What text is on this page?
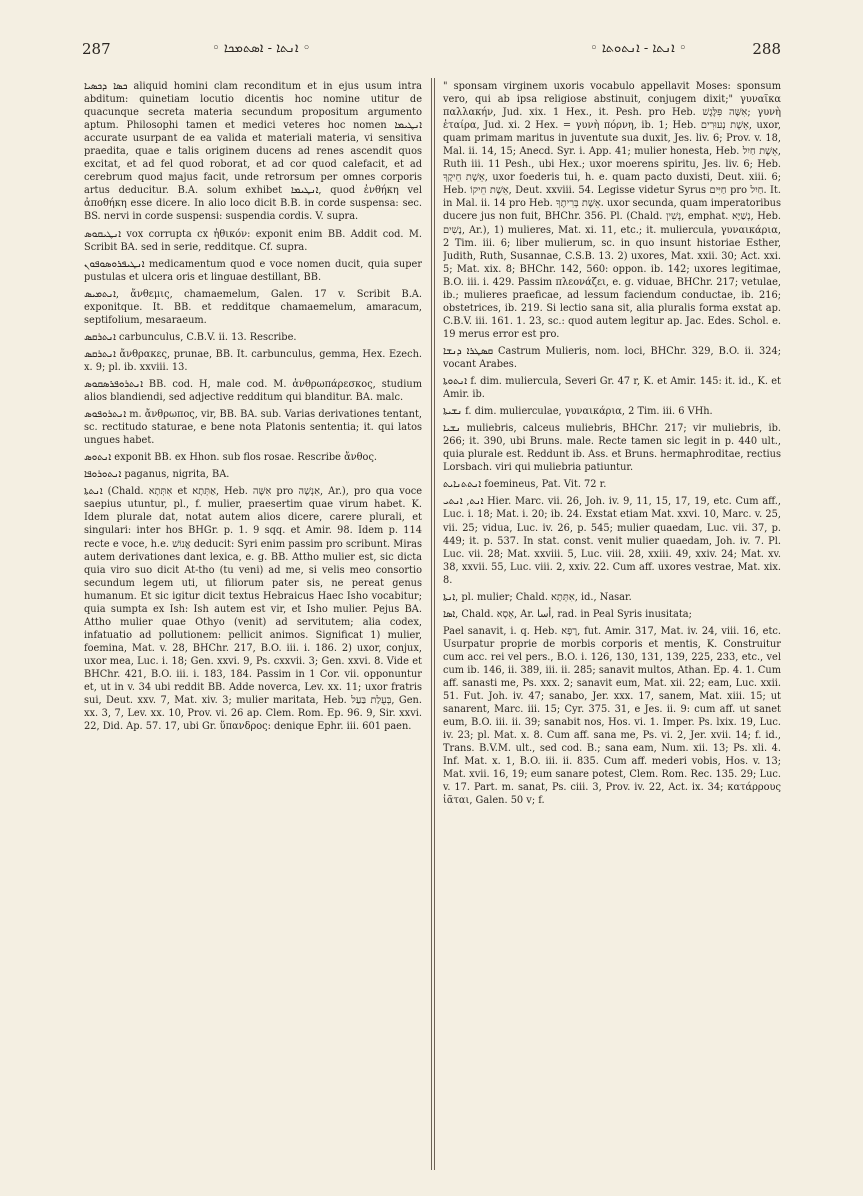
287	◦ ܐܢܬܐ - ܐܣܬܡܟܐ ◦	◦ ܐܢܬܐ - ܐܢܬܘܬܐ ◦	288

ܟܣܐ ܕܟܣܝܐ aliquid homini clam reconditum et in ejus usum intra abditum: quinetiam locutio dicentis hoc nomine utitur de quacunque secreta materia secundum propositum argumento aptum. Philosophi tamen et medici veteres hoc nomen ܐܢܛܝܡܐ accurate usurpant de ea valida et materiali materia, vi sensitiva praedita, quae e talis originem ducens ad renes ascendit quos excitat, et ad fel quod roborat, et ad cor quod calefacit, et ad cerebrum quod majus facit, unde retrorsum per omnes corporis artus deducitur. B.A. solum exhibet ܐܢܛܝܡܐ, quod ἐνθήκη vel ἀποθήκη esse dicere. In alio loco dicit B.B. in corde suspensa: sec. BS. nervi in corde suspensi: suspendia cordis. V. supra.

ܐܢܛܝܩܘܣ vox corrupta cx ἠθικόν: exponit enim BB. Addit cod. M. Scribit BA. sed in serie, redditque. Cf. supra.

ܐܢܛܝܦܪܘܣܘܦܘܢ medicamentum quod e voce nomen ducit, quia super pustulas et ulcera oris et linguae destillant, BB.

ܐܢܬܡܝܣ, ἄνθεμις, chamaemelum, Galen. 17 v. Scribit B.A. exponitque. It. BB. et redditque chamaemelum, amaracum, septifolium, mesaraeum.

ܐܢܬܪܩܣ carbunculus, C.B.V. ii. 13. Rescribe.

ܐܢܬܪܩܣ ἄνθρακες, prunae, BB. It. carbunculus, gemma, Hex. Ezech. x. 9; pl. ib. xxviii. 13.

ܐܢܬܪܘܦܪܣܩܘܣ BB. cod. H, male cod. M. ἀνθρωπάρεσκος, studium alios blandiendi, sed adjective redditum qui blanditur. BA. malc.

ܐܢܬܪܘܦܘܣ m. ἄνθρωπος, vir, BB. BA. sub. Varias derivationes tentant, sc. rectitudo staturae, e bene nota Platonis sententia; it. qui latos ungues habet.

ܐܢܬܘܣ exponit BB. ex Hhon. sub flos rosae. Rescribe ἄνθος.

ܐܢܬܘܪܘܦܐ paganus, nigrita, BA.

ܐܢܬܬܐ (Chald. אִתְּתָא et אַתְּתָא, Heb. אִשָּׁה pro אִנְשָׁה, Ar.), pro qua voce saepius utuntur, pl., f. mulier, praesertim quae virum habet. K. Idem plurale dat, notat autem alios dicere, carere plurali, et singulari: inter hos BHGr. p. 1. 9 sqq. et Amir. 98. Idem p. 114 recte e voce, h.e. אֱנוֹשׁ deducit: Syri enim passim pro scribunt. Miras autem derivationes dant lexica, e. g. BB. Attho mulier est, sic dicta quia viro suo dicit At-tho (tu veni) ad me, si velis meo consortio secundum legem uti, ut filiorum pater sis, ne pereat genus humanum. Et sic igitur dicit textus Hebraicus Haec Isho vocabitur; quia sumpta ex Ish: Ish autem est vir, et Isho mulier. Pejus BA. Attho mulier quae Othyo (venit) ad servitutem; alia codex, infatuatio ad pollutionem: pellicit animos. Significat 1) mulier, foemina, Mat. v. 28, BHChr. 217, B.O. iii. i. 186. 2) uxor, conjux, uxor mea, Luc. i. 18; Gen. xxvi. 9, Ps. cxxvii. 3; Gen. xxvi. 8. Vide et BHChr. 421, B.O. iii. i. 183, 184. Passim in 1 Cor. vii. opponuntur et, ut in v. 34 ubi reddit BB. Adde noverca, Lev. xx. 11; uxor fratris sui, Deut. xxv. 7, Mat. xiv. 3; mulier maritata, Heb. בְּעֻלַת בַּעַל, Gen. xx. 3, 7, Lev. xx. 10, Prov. vi. 26 ap. Clem. Rom. Ep. 96. 9, Sir. xxvi. 22, Did. Ap. 57. 17, ubi Gr. ὕπανδρος: denique Ephr. iii. 601 paen.

" sponsam virginem uxoris vocabulo appellavit Moses: sponsum vero, qui ab ipsa religiose abstinuit, conjugem dixit;" γυναῖκα παλλακήν, Jud. xix. 1 Hex., it. Pesh. pro Heb. אִשָּׁה פִּלֶּגֶשׁ; γυνὴ ἑταίρα, Jud. xi. 2 Hex. = γυνὴ πόρνη, ib. 1; Heb. אֵשֶׁת נְעוּרִים, uxor, quam primam maritus in juventute sua duxit, Jes. liv. 6; Prov. v. 18, Mal. ii. 14, 15; Anecd. Syr. i. App. 41; mulier honesta, Heb. אֵשֶׁת חַיִל, Ruth iii. 11 Pesh., ubi Hex.; uxor moerens spiritu, Jes. liv. 6; Heb. אֵשֶׁת חֵיקֶךָ, uxor foederis tui, h. e. quam pacto duxisti, Deut. xiii. 6; Heb. אֵשֶׁת חֵיקוֹ, Deut. xxviii. 54. Legisse videtur Syrus חַיִּים pro חַיִל. It. in Mal. ii. 14 pro Heb. אֵשֶׁת בְּרִיתֶךָ. uxor secunda, quam imperatoribus ducere jus non fuit, BHChr. 356. Pl. (Chald. נְשִׁין, emphat. נְשַׁיָּא, Heb. נָשִׁים, Ar.), 1) mulieres, Mat. xi. 11, etc.; it. muliercula, γυναικάρια, 2 Tim. iii. 6; liber mulierum, sc. in quo insunt historiae Esther, Judith, Ruth, Susannae, C.S.B. 13. 2) uxores, Mat. xxii. 30; Act. xxi. 5; Mat. xix. 8; BHChr. 142, 560: oppon. ib. 142; uxores legitimae, B.O. iii. i. 429. Passim πλεονάζει, e. g. viduae, BHChr. 217; vetulae, ib.; mulieres praeficae, ad lessum faciendum conductae, ib. 216; obstetrices, ib. 219. Si lectio sana sit, alia pluralis forma exstat ap. C.B.V. iii. 161. 1. 23, sc.: quod autem legitur ap. Jac. Edes. Schol. e. 19 merus error est pro.

ܩܣܛܪܐ ܕܢܫܐ Castrum Mulieris, nom. loci, BHChr. 329, B.O. ii. 324; vocant Arabes.

ܐܢܬܘܬܐ f. dim. muliercula, Severi Gr. 47 r, K. et Amir. 145: it. id., K. et Amir. ib.

ܢܫܝܬܐ f. dim. mulierculae, γυναικάρια, 2 Tim. iii. 6 VHh.

ܢܫܝܐ muliebris, calceus muliebris, BHChr. 217; vir muliebris, ib. 266; it. 390, ubi Bruns. male. Recte tamen sic legit in p. 440 ult., quia plurale est. Reddunt ib. Ass. et Bruns. hermaphroditae, rectius Lorsbach. viri qui muliebria patiuntur.

ܐܢܬܬܢܐܝܬ foemineus, Pat. Vit. 72 r.

ܐܢܬ, ܐܢܬܝ Hier. Marc. vii. 26, Joh. iv. 9, 11, 15, 17, 19, etc. Cum aff., Luc. i. 18; Mat. i. 20; ib. 24. Exstat etiam Mat. xxvi. 10, Marc. v. 25, vii. 25; vidua, Luc. iv. 26, p. 545; mulier quaedam, Luc. vii. 37, p. 449; it. p. 537. In stat. const. venit mulier quaedam, Joh. iv. 7. Pl. Luc. vii. 28; Mat. xxviii. 5, Luc. viii. 28, xxiii. 49, xxiv. 24; Mat. xv. 38, xxvii. 55, Luc. viii. 2, xxiv. 22. Cum aff. uxores vestrae, Mat. xix. 8.

ܐܢܬܐ, pl. mulier; Chald. אִתְּתָא, id., Nasar.

ܐܣܐ, Chald. אְסָא, Ar. أسا, rad. in Peal Syris inusitata;

Pael sanavit, i. q. Heb. רָפָא, fut. Amir. 317, Mat. iv. 24, viii. 16, etc. Usurpatur proprie de morbis corporis et mentis, K. Construitur cum acc. rei vel pers., B.O. i. 126, 130, 131, 139, 225, 233, etc., vel cum ib. 146, ii. 389, iii. ii. 285; sanavit multos, Athan. Ep. 4. 1. Cum aff. sanasti me, Ps. xxx. 2; sanavit eum, Mat. xii. 22; eam, Luc. xxii. 51. Fut. Joh. iv. 47; sanabo, Jer. xxx. 17, sanem, Mat. xiii. 15; ut sanarent, Marc. iii. 15; Cyr. 375. 31, e Jes. ii. 9: cum aff. ut sanet eum, B.O. iii. ii. 39; sanabit nos, Hos. vi. 1. Imper. Ps. lxix. 19, Luc. iv. 23; pl. Mat. x. 8. Cum aff. sana me, Ps. vi. 2, Jer. xvii. 14; f. id., Trans. B.V.M. ult., sed cod. B.; sana eam, Num. xii. 13; Ps. xli. 4. Inf. Mat. x. 1, B.O. iii. ii. 835. Cum aff. mederi vobis, Hos. v. 13; Mat. xvii. 16, 19; eum sanare potest, Clem. Rom. Rec. 135. 29; Luc. v. 17. Part. m. sanat, Ps. ciii. 3, Prov. iv. 22, Act. ix. 34; κατάρρους ἰᾶται, Galen. 50 v; f.
